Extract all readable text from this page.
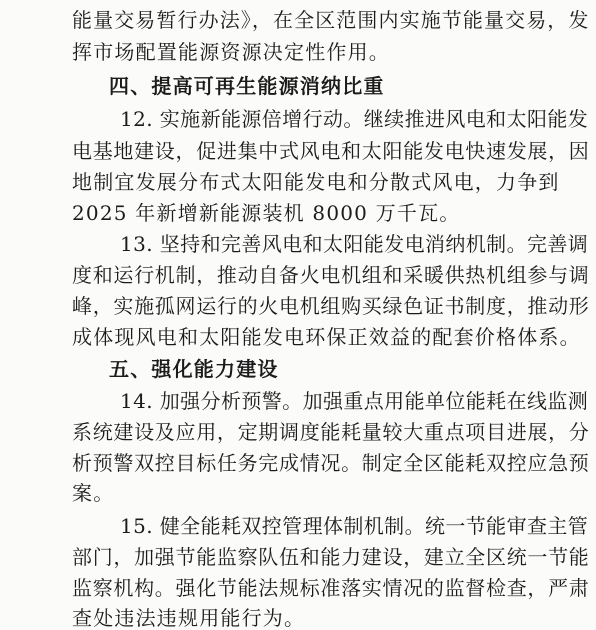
能量交易暂行办法》，在全区范围内实施节能量交易，发
挥市场配置能源资源决定性作用。
四、提高可再生能源消纳比重
12. 实施新能源倍增行动。继续推进风电和太阳能发
电基地建设，促进集中式风电和太阳能发电快速发展，因
地制宜发展分布式太阳能发电和分散式风电，力争到
2025 年新增新能源装机 8000 万千瓦。
13. 坚持和完善风电和太阳能发电消纳机制。完善调
度和运行机制，推动自备火电机组和采暖供热机组参与调
峰，实施孤网运行的火电机组购买绿色证书制度，推动形
成体现风电和太阳能发电环保正效益的配套价格体系。
五、强化能力建设
14. 加强分析预警。加强重点用能单位能耗在线监测
系统建设及应用，定期调度能耗量较大重点项目进展，分
析预警双控目标任务完成情况。制定全区能耗双控应急预
案。
15. 健全能耗双控管理体制机制。统一节能审查主管
部门，加强节能监察队伍和能力建设，建立全区统一节能
监察机构。强化节能法规标准落实情况的监督检查，严肃
查处违法违规用能行为。
